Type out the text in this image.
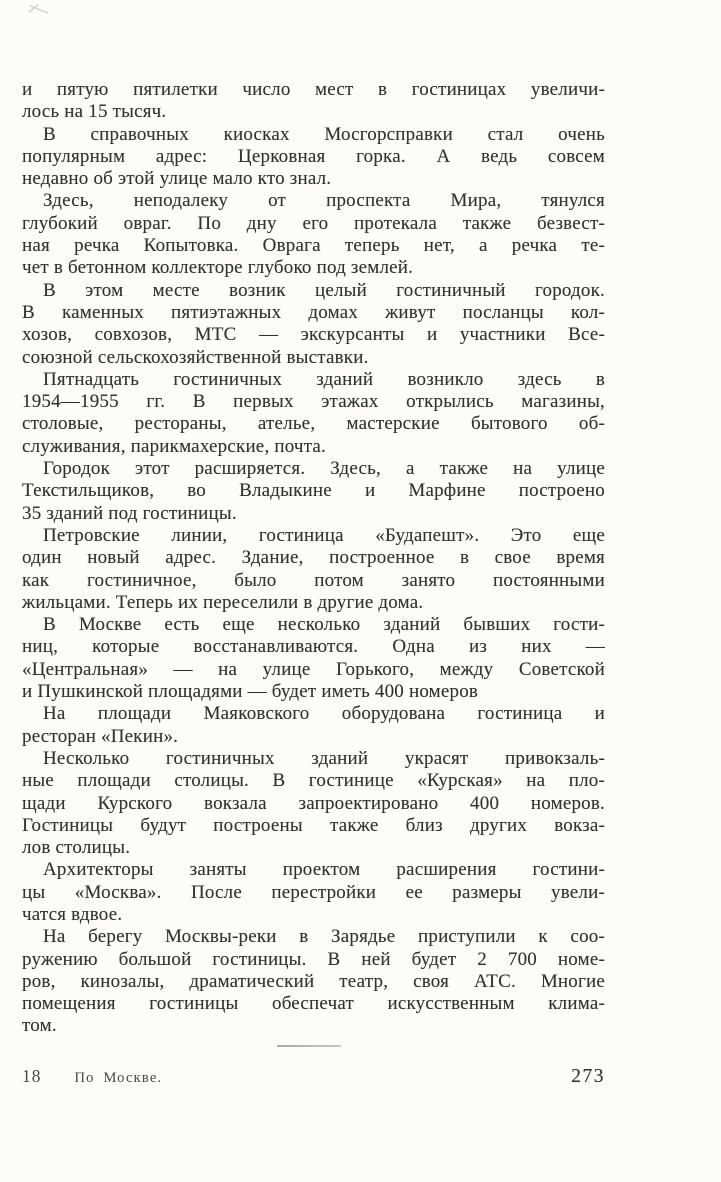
и пятую пятилетки число мест в гостиницах увеличи-
лось на 15 тысяч.
В справочных киосках Мосгорсправки стал очень
популярным адрес: Церковная горка. А ведь совсем
недавно об этой улице мало кто знал.
Здесь, неподалеку от проспекта Мира, тянулся
глубокий овраг. По дну его протекала также безвест-
ная речка Копытовка. Оврага теперь нет, а речка те-
чет в бетонном коллекторе глубоко под землей.
В этом месте возник целый гостиничный городок.
В каменных пятиэтажных домах живут посланцы кол-
хозов, совхозов, МТС — экскурсанты и участники Все-
союзной сельскохозяйственной выставки.
Пятнадцать гостиничных зданий возникло здесь в
1954—1955 гг. В первых этажах открылись магазины,
столовые, рестораны, ателье, мастерские бытового об-
служивания, парикмахерские, почта.
Городок этот расширяется. Здесь, а также на улице
Текстильщиков, во Владыкине и Марфине построено
35 зданий под гостиницы.
Петровские линии, гостиница «Будапешт». Это еще
один новый адрес. Здание, построенное в свое время
как гостиничное, было потом занято постоянными
жильцами. Теперь их переселили в другие дома.
В Москве есть еще несколько зданий бывших гости-
ниц, которые восстанавливаются. Одна из них —
«Центральная» — на улице Горького, между Советской
и Пушкинской площадями — будет иметь 400 номеров
На площади Маяковского оборудована гостиница и
ресторан «Пекин».
Несколько гостиничных зданий украсят привокзаль-
ные площади столицы. В гостинице «Курская» на пло-
щади Курского вокзала запроектировано 400 номеров.
Гостиницы будут построены также близ других вокза-
лов столицы.
Архитекторы заняты проектом расширения гостини-
цы «Москва». После перестройки ее размеры увели-
чатся вдвое.
На берегу Москвы-реки в Зарядье приступили к соо-
ружению большой гостиницы. В ней будет 2 700 номе-
ров, кинозалы, драматический театр, своя АТС. Многие
помещения гостиницы обеспечат искусственным клима-
том.
18 По Москве.	273
